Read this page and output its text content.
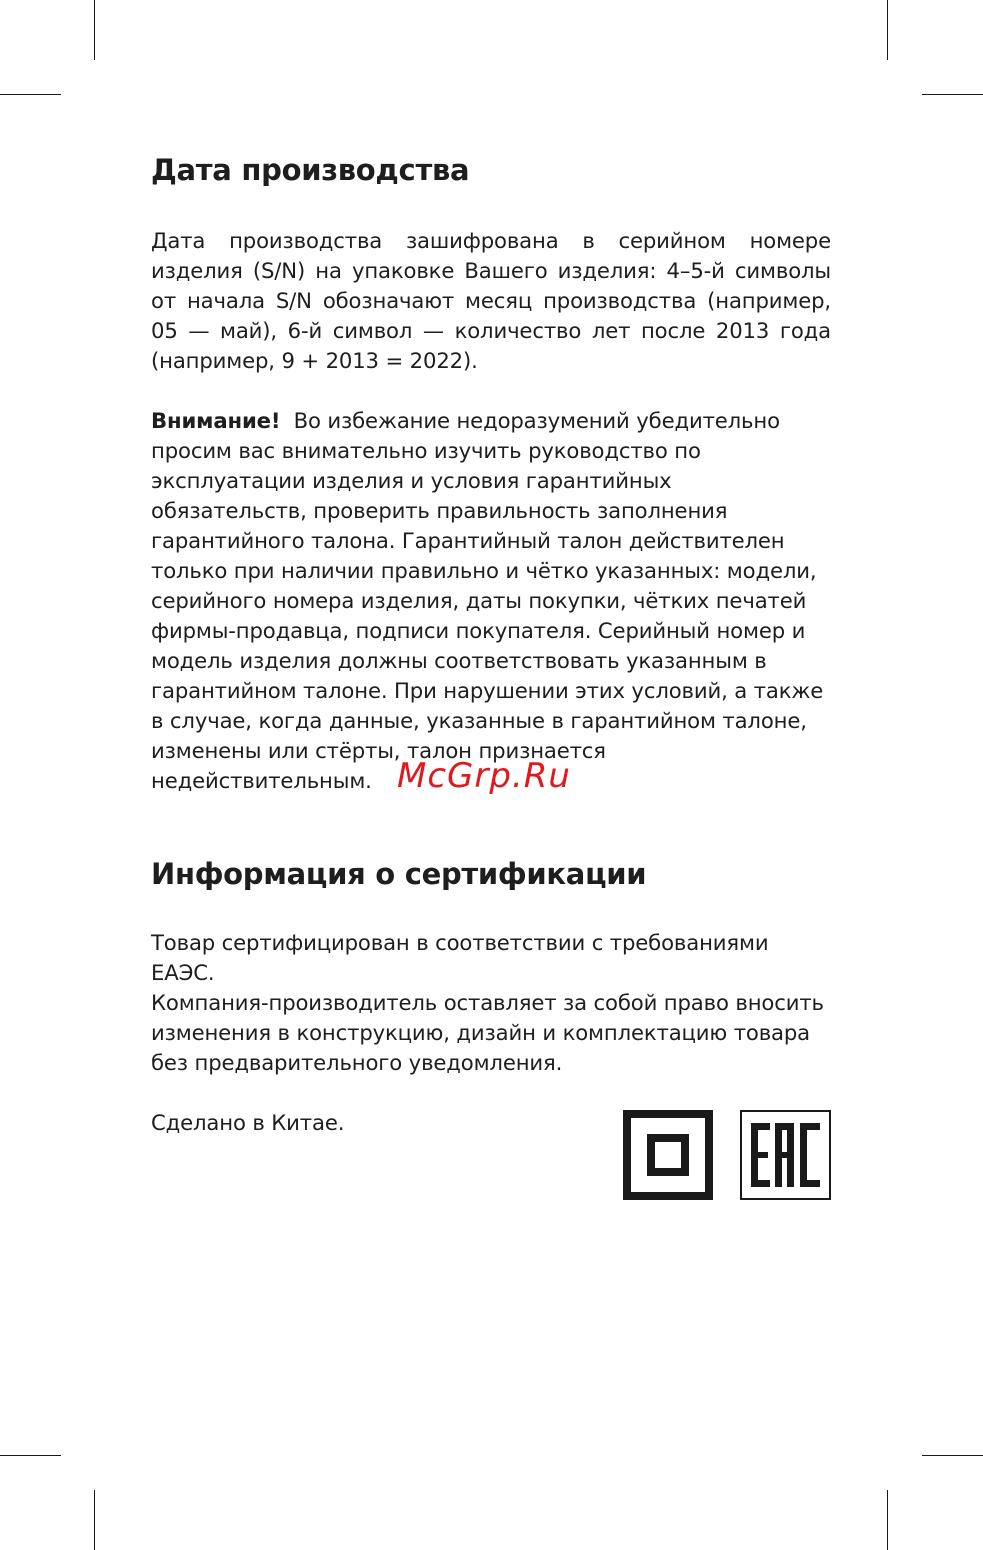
Дата производства

Дата производства зашифрована в серийном номере изделия (S/N) на упаковке Вашего изделия: 4–5-й символы от начала S/N обозначают месяц производства (например, 05 — май), 6-й символ — количество лет после 2013 года (например, 9 + 2013 = 2022).

Внимание! Во избежание недоразумений убедительно просим вас внимательно изучить руководство по эксплуатации изделия и условия гарантийных обязательств, проверить правильность заполнения гарантийного талона. Гарантийный талон действителен только при наличии правильно и чётко указанных: модели, серийного номера изделия, даты покупки, чётких печатей фирмы-продавца, подписи покупателя. Серийный номер и модель изделия должны соответствовать указанным в гарантийном талоне. При нарушении этих условий, а также в случае, когда данные, указанные в гарантийном талоне, изменены или стёрты, талон признается недействительным.

Информация о сертификации

Товар сертифицирован в соответствии с требованиями ЕАЭС.

Компания-производитель оставляет за собой право вносить изменения в конструкцию, дизайн и комплектацию товара без предварительного уведомления.

Сделано в Китае.

McGrp.Ru
